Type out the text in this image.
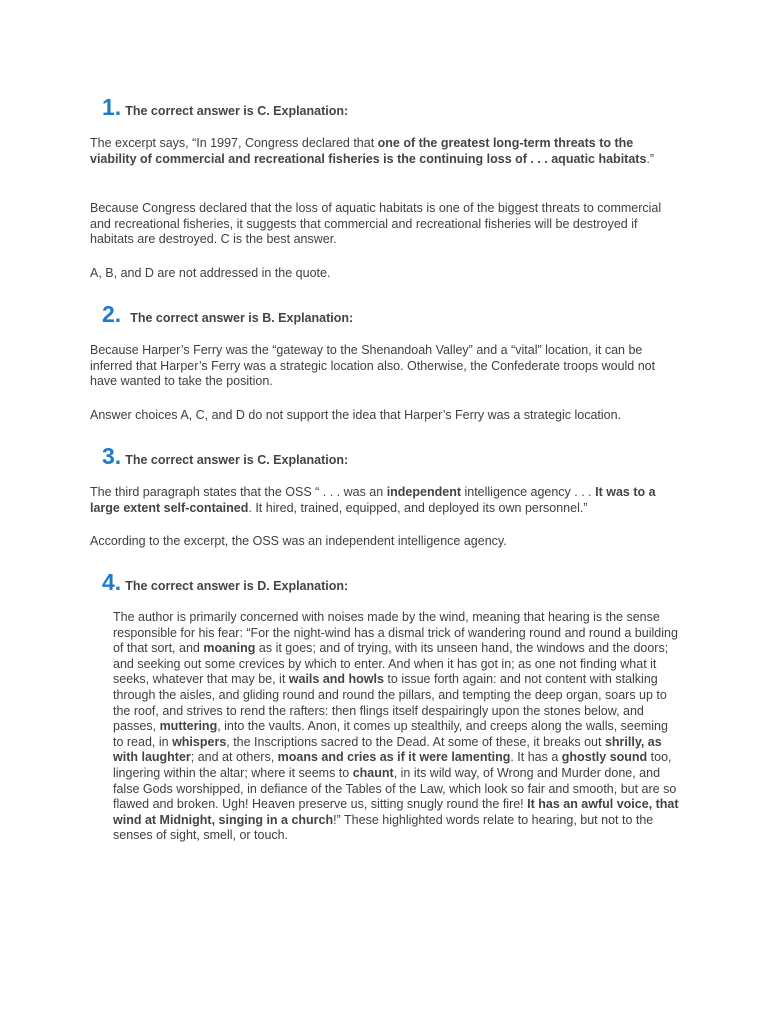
1. The correct answer is C. Explanation:

The excerpt says, “In 1997, Congress declared that one of the greatest long-term threats to the viability of commercial and recreational fisheries is the continuing loss of . . . aquatic habitats.”

Because Congress declared that the loss of aquatic habitats is one of the biggest threats to commercial and recreational fisheries, it suggests that commercial and recreational fisheries will be destroyed if habitats are destroyed. C is the best answer.

A, B, and D are not addressed in the quote.

2. The correct answer is B. Explanation:

Because Harper’s Ferry was the “gateway to the Shenandoah Valley” and a “vital” location, it can be inferred that Harper’s Ferry was a strategic location also. Otherwise, the Confederate troops would not have wanted to take the position.

Answer choices A, C, and D do not support the idea that Harper’s Ferry was a strategic location.

3. The correct answer is C. Explanation:

The third paragraph states that the OSS “ . . . was an independent intelligence agency . . . It was to a large extent self-contained. It hired, trained, equipped, and deployed its own personnel.”

According to the excerpt, the OSS was an independent intelligence agency.

4. The correct answer is D. Explanation:

The author is primarily concerned with noises made by the wind, meaning that hearing is the sense responsible for his fear: “For the night-wind has a dismal trick of wandering round and round a building of that sort, and moaning as it goes; and of trying, with its unseen hand, the windows and the doors; and seeking out some crevices by which to enter. And when it has got in; as one not finding what it seeks, whatever that may be, it wails and howls to issue forth again: and not content with stalking through the aisles, and gliding round and round the pillars, and tempting the deep organ, soars up to the roof, and strives to rend the rafters: then flings itself despairingly upon the stones below, and passes, muttering, into the vaults. Anon, it comes up stealthily, and creeps along the walls, seeming to read, in whispers, the Inscriptions sacred to the Dead. At some of these, it breaks out shrilly, as with laughter; and at others, moans and cries as if it were lamenting. It has a ghostly sound too, lingering within the altar; where it seems to chaunt, in its wild way, of Wrong and Murder done, and false Gods worshipped, in defiance of the Tables of the Law, which look so fair and smooth, but are so flawed and broken. Ugh! Heaven preserve us, sitting snugly round the fire! It has an awful voice, that wind at Midnight, singing in a church!” These highlighted words relate to hearing, but not to the senses of sight, smell, or touch.
